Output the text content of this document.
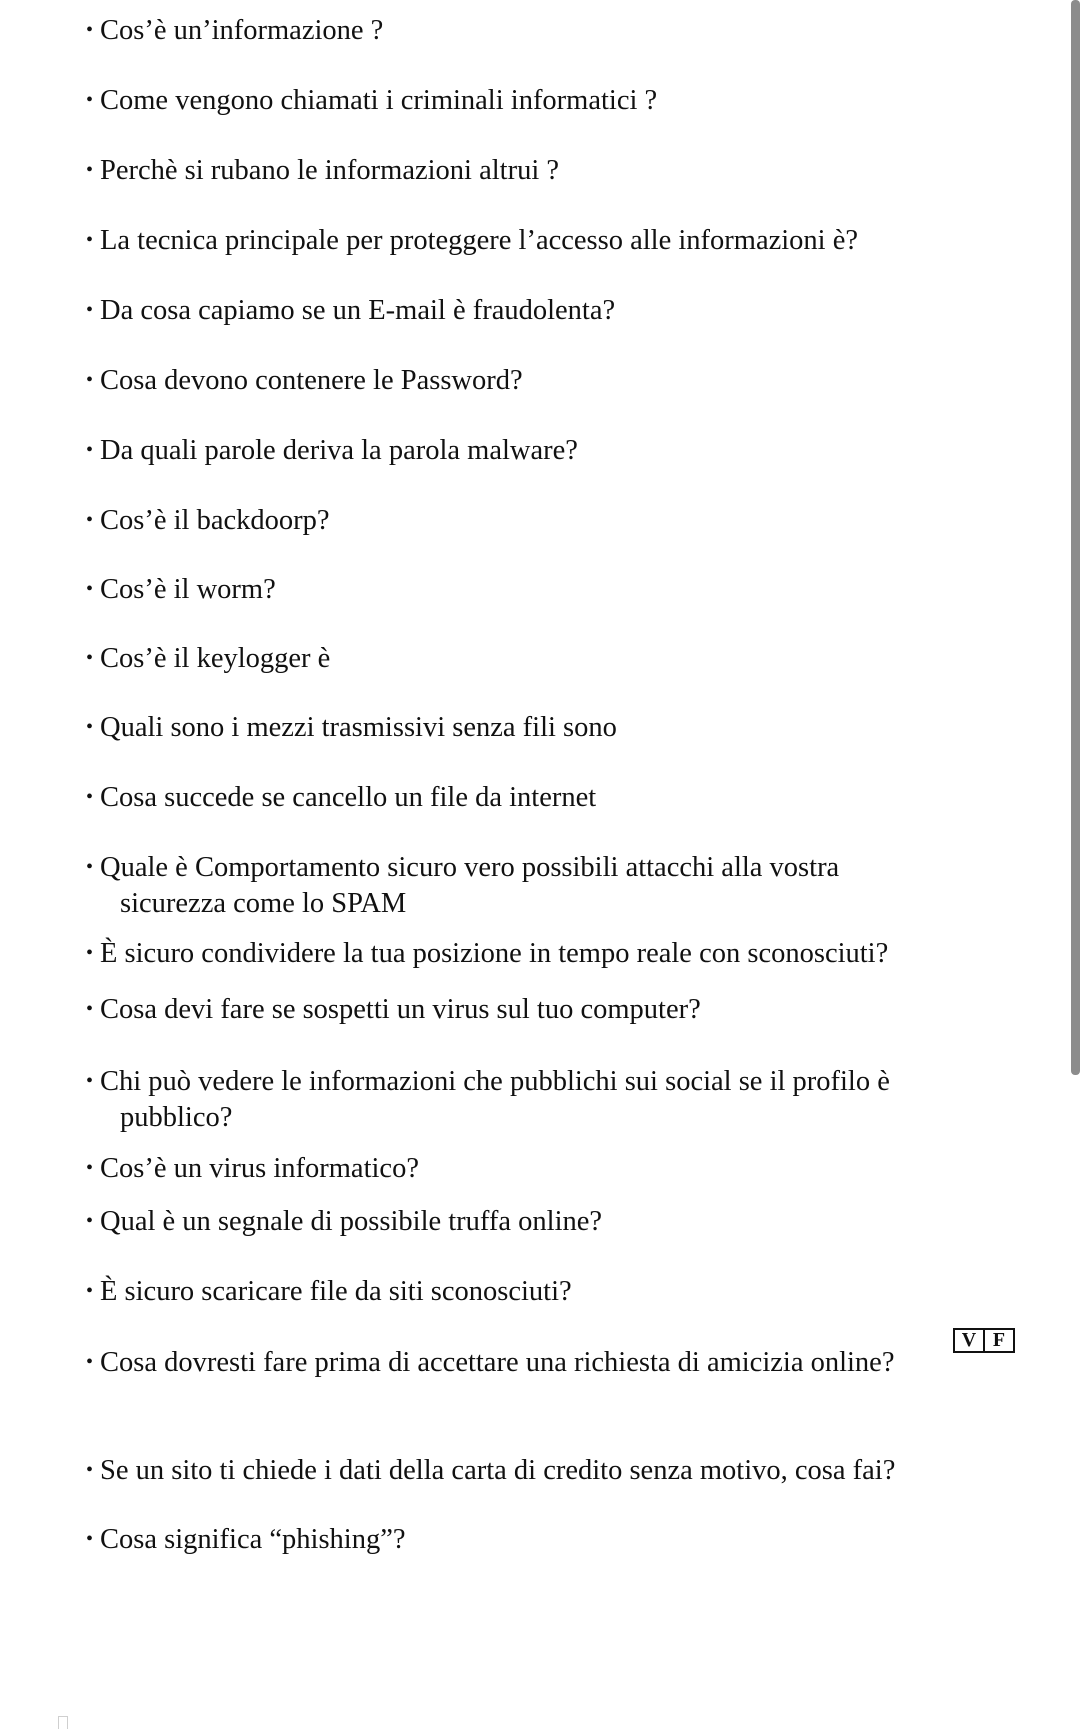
• Cos’è un’informazione ?
• Come vengono chiamati i criminali informatici ?
• Perchè si rubano le informazioni altrui ?
• La tecnica principale per proteggere l’accesso alle informazioni è?
• Da cosa capiamo se un E-mail è fraudolenta?
• Cosa devono contenere le Password?
• Da quali parole deriva la parola malware?
• Cos’è il backdoorp?
• Cos’è il worm?
• Cos’è il keylogger è
• Quali sono i mezzi trasmissivi senza fili sono
• Cosa succede se cancello un file da internet
• Quale è Comportamento sicuro vero possibili attacchi alla vostra
sicurezza come lo SPAM
• È sicuro condividere la tua posizione in tempo reale con sconosciuti?
• Cosa devi fare se sospetti un virus sul tuo computer?
• Chi può vedere le informazioni che pubblichi sui social se il profilo è
pubblico?
• Cos’è un virus informatico?
• Qual è un segnale di possibile truffa online?
• È sicuro scaricare file da siti sconosciuti?
• Cosa dovresti fare prima di accettare una richiesta di amicizia online?
• Se un sito ti chiede i dati della carta di credito senza motivo, cosa fai?
• Cosa significa “phishing”?
V F
